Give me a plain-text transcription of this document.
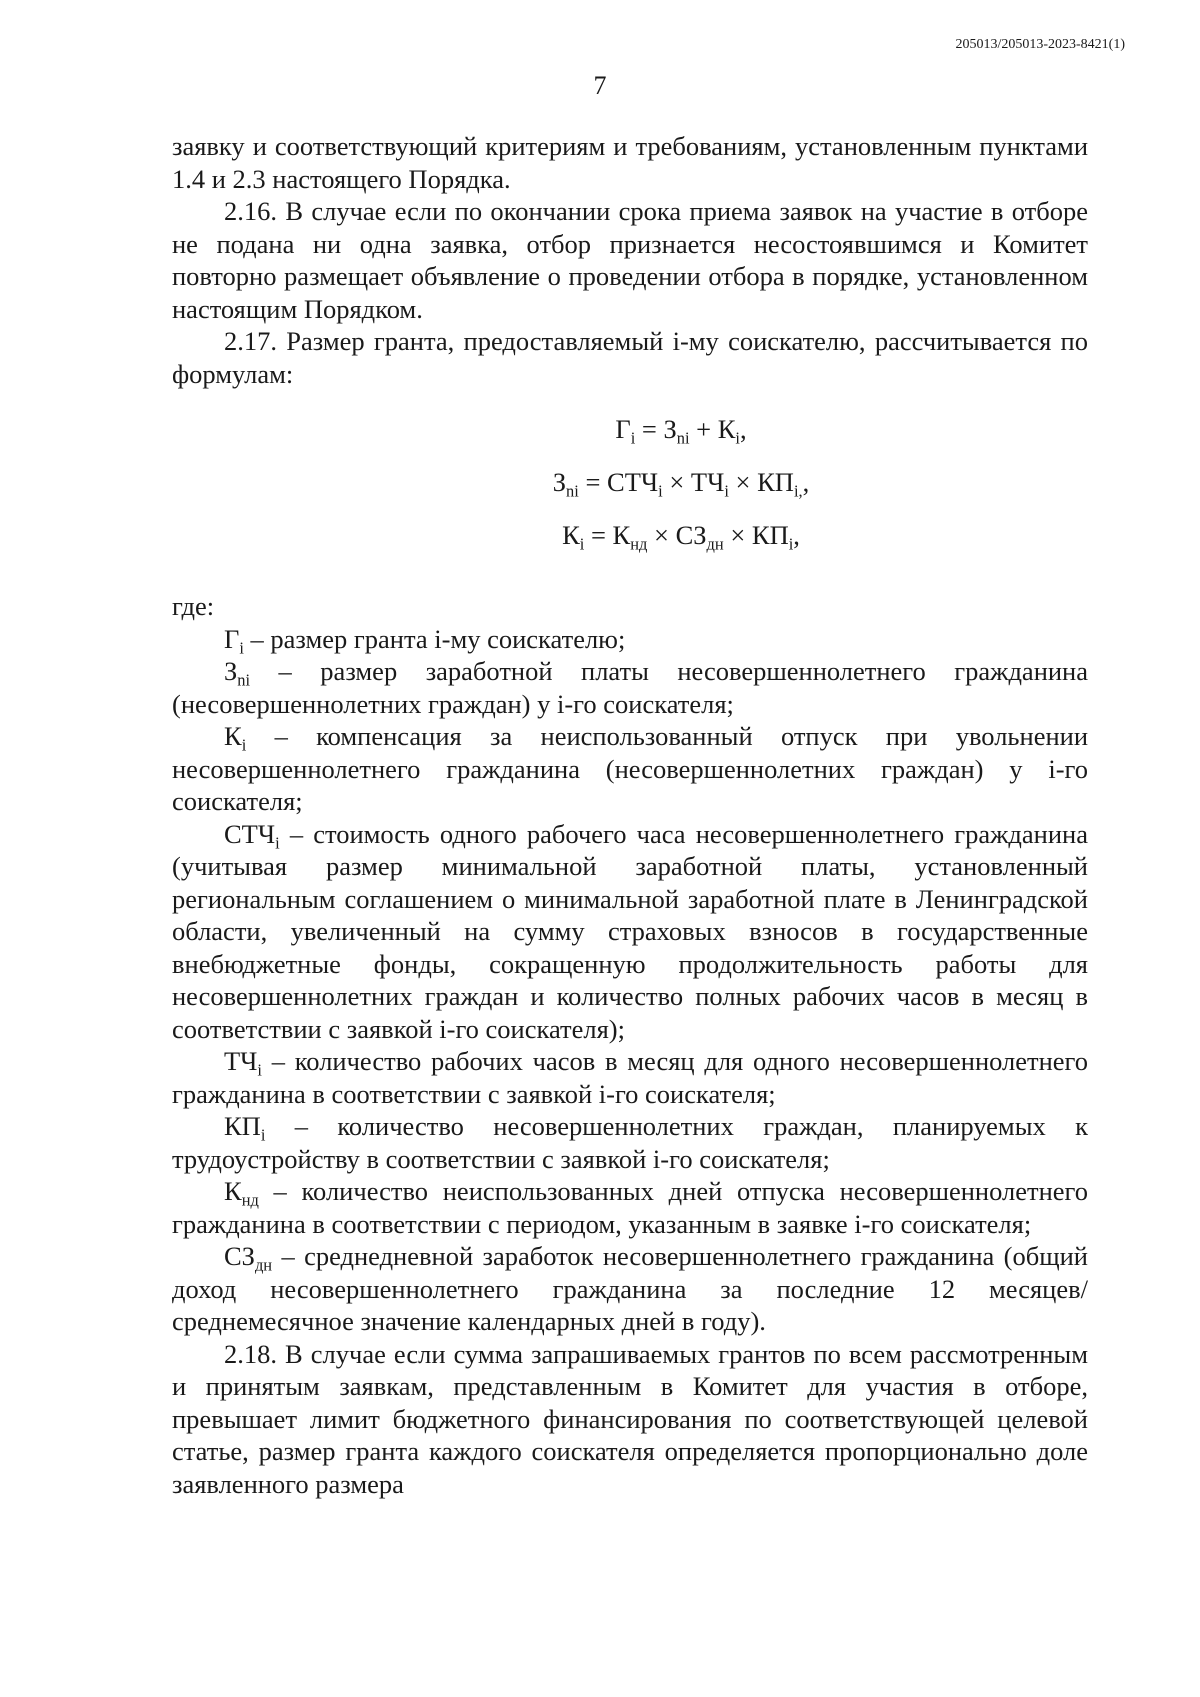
205013/205013-2023-8421(1)
7

заявку и соответствующий критериям и требованиям, установленным пунктами 1.4 и 2.3 настоящего Порядка.

2.16. В случае если по окончании срока приема заявок на участие в отборе не подана ни одна заявка, отбор признается несостоявшимся и Комитет повторно размещает объявление о проведении отбора в порядке, установленном настоящим Порядком.

2.17. Размер гранта, предоставляемый i-му соискателю, рассчитывается по формулам:

$Г_i = З_{ni} + К_i$,

$З_{ni} = СТЧ_i \times ТЧ_i \times КП_{i,}$,

$К_i = К_{нд} \times СЗ_{дн} \times КП_i$,

где:

$Г_i$ – размер гранта i-му соискателю;

$З_{ni}$ – размер заработной платы несовершеннолетнего гражданина (несовершеннолетних граждан) у i-го соискателя;

$К_i$ – компенсация за неиспользованный отпуск при увольнении несовершеннолетнего гражданина (несовершеннолетних граждан) у i-го соискателя;

$СТЧ_i$ – стоимость одного рабочего часа несовершеннолетнего гражданина (учитывая размер минимальной заработной платы, установленный региональным соглашением о минимальной заработной плате в Ленинградской области, увеличенный на сумму страховых взносов в государственные внебюджетные фонды, сокращенную продолжительность работы для несовершеннолетних граждан и количество полных рабочих часов в месяц в соответствии с заявкой i-го соискателя);

$ТЧ_i$ – количество рабочих часов в месяц для одного несовершеннолетнего гражданина в соответствии с заявкой i-го соискателя;

$КП_i$ – количество несовершеннолетних граждан, планируемых к трудоустройству в соответствии с заявкой i-го соискателя;

$К_{нд}$ – количество неиспользованных дней отпуска несовершеннолетнего гражданина в соответствии с периодом, указанным в заявке i-го соискателя;

$СЗ_{дн}$ – среднедневной заработок несовершеннолетнего гражданина (общий доход несовершеннолетнего гражданина за последние 12 месяцев/среднемесячное значение календарных дней в году).

2.18. В случае если сумма запрашиваемых грантов по всем рассмотренным и принятым заявкам, представленным в Комитет для участия в отборе, превышает лимит бюджетного финансирования по соответствующей целевой статье, размер гранта каждого соискателя определяется пропорционально доле заявленного размера
